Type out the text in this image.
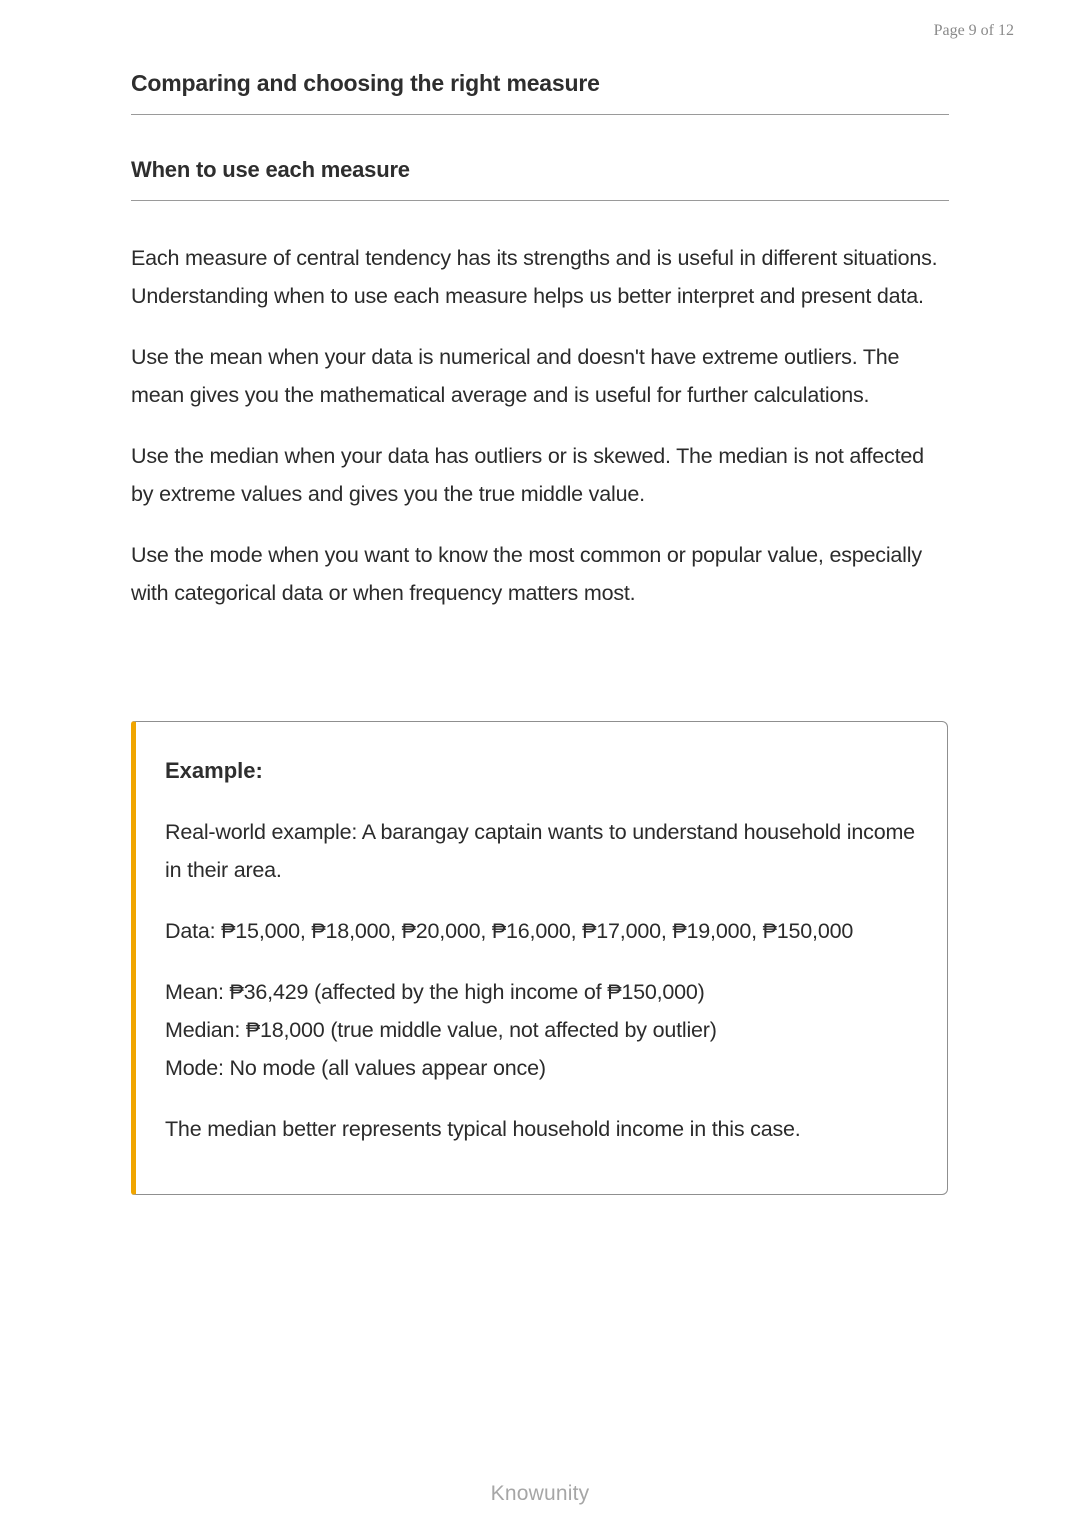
Page 9 of 12
Comparing and choosing the right measure
When to use each measure

Each measure of central tendency has its strengths and is useful in different situations. Understanding when to use each measure helps us better interpret and present data.

Use the mean when your data is numerical and doesn't have extreme outliers. The mean gives you the mathematical average and is useful for further calculations.

Use the median when your data has outliers or is skewed. The median is not affected by extreme values and gives you the true middle value.

Use the mode when you want to know the most common or popular value, especially with categorical data or when frequency matters most.

Example:

Real-world example: A barangay captain wants to understand household income in their area.

Data: ₱15,000, ₱18,000, ₱20,000, ₱16,000, ₱17,000, ₱19,000, ₱150,000

Mean: ₱36,429 (affected by the high income of ₱150,000)
Median: ₱18,000 (true middle value, not affected by outlier)
Mode: No mode (all values appear once)

The median better represents typical household income in this case.

Knowunity
